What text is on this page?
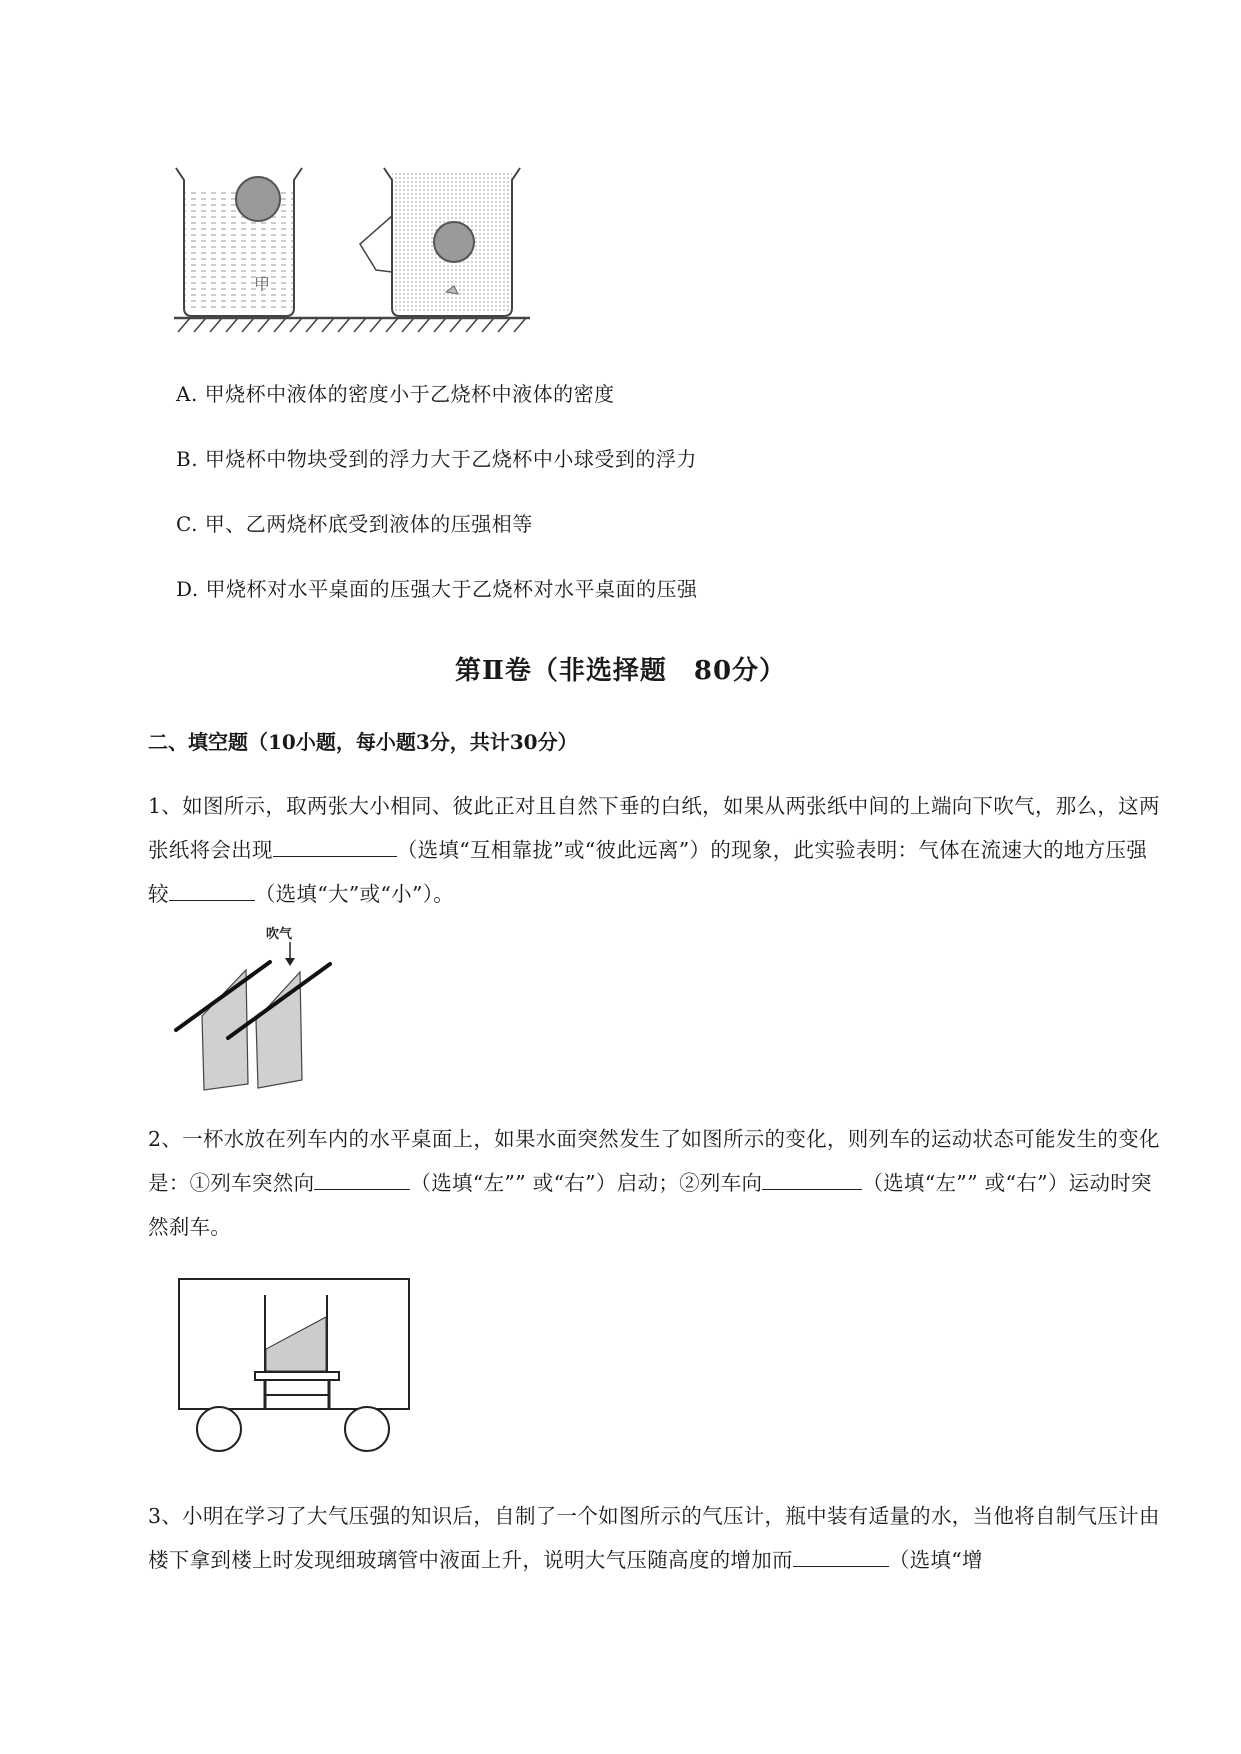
甲
A. 甲烧杯中液体的密度小于乙烧杯中液体的密度
B. 甲烧杯中物块受到的浮力大于乙烧杯中小球受到的浮力
C. 甲、乙两烧杯底受到液体的压强相等
D. 甲烧杯对水平桌面的压强大于乙烧杯对水平桌面的压强
第Ⅱ卷（非选择题　80分）
二、填空题（10小题，每小题3分，共计30分）
1、如图所示，取两张大小相同、彼此正对且自然下垂的白纸，如果从两张纸中间的上端向下吹气，那么，这两张纸将会出现	（选填“互相靠拢”或“彼此远离”）的现象，此实验表明：气体在流速大的地方压强较	（选填“大”或“小”）。
吹气
2、一杯水放在列车内的水平桌面上，如果水面突然发生了如图所示的变化，则列车的运动状态可能发生的变化是：①列车突然向	（选填“左”” 或“右”）启动；②列车向	（选填“左”” 或“右”）运动时突然刹车。
3、小明在学习了大气压强的知识后，自制了一个如图所示的气压计，瓶中装有适量的水，当他将自制气压计由楼下拿到楼上时发现细玻璃管中液面上升，说明大气压随高度的增加而	（选填“增
